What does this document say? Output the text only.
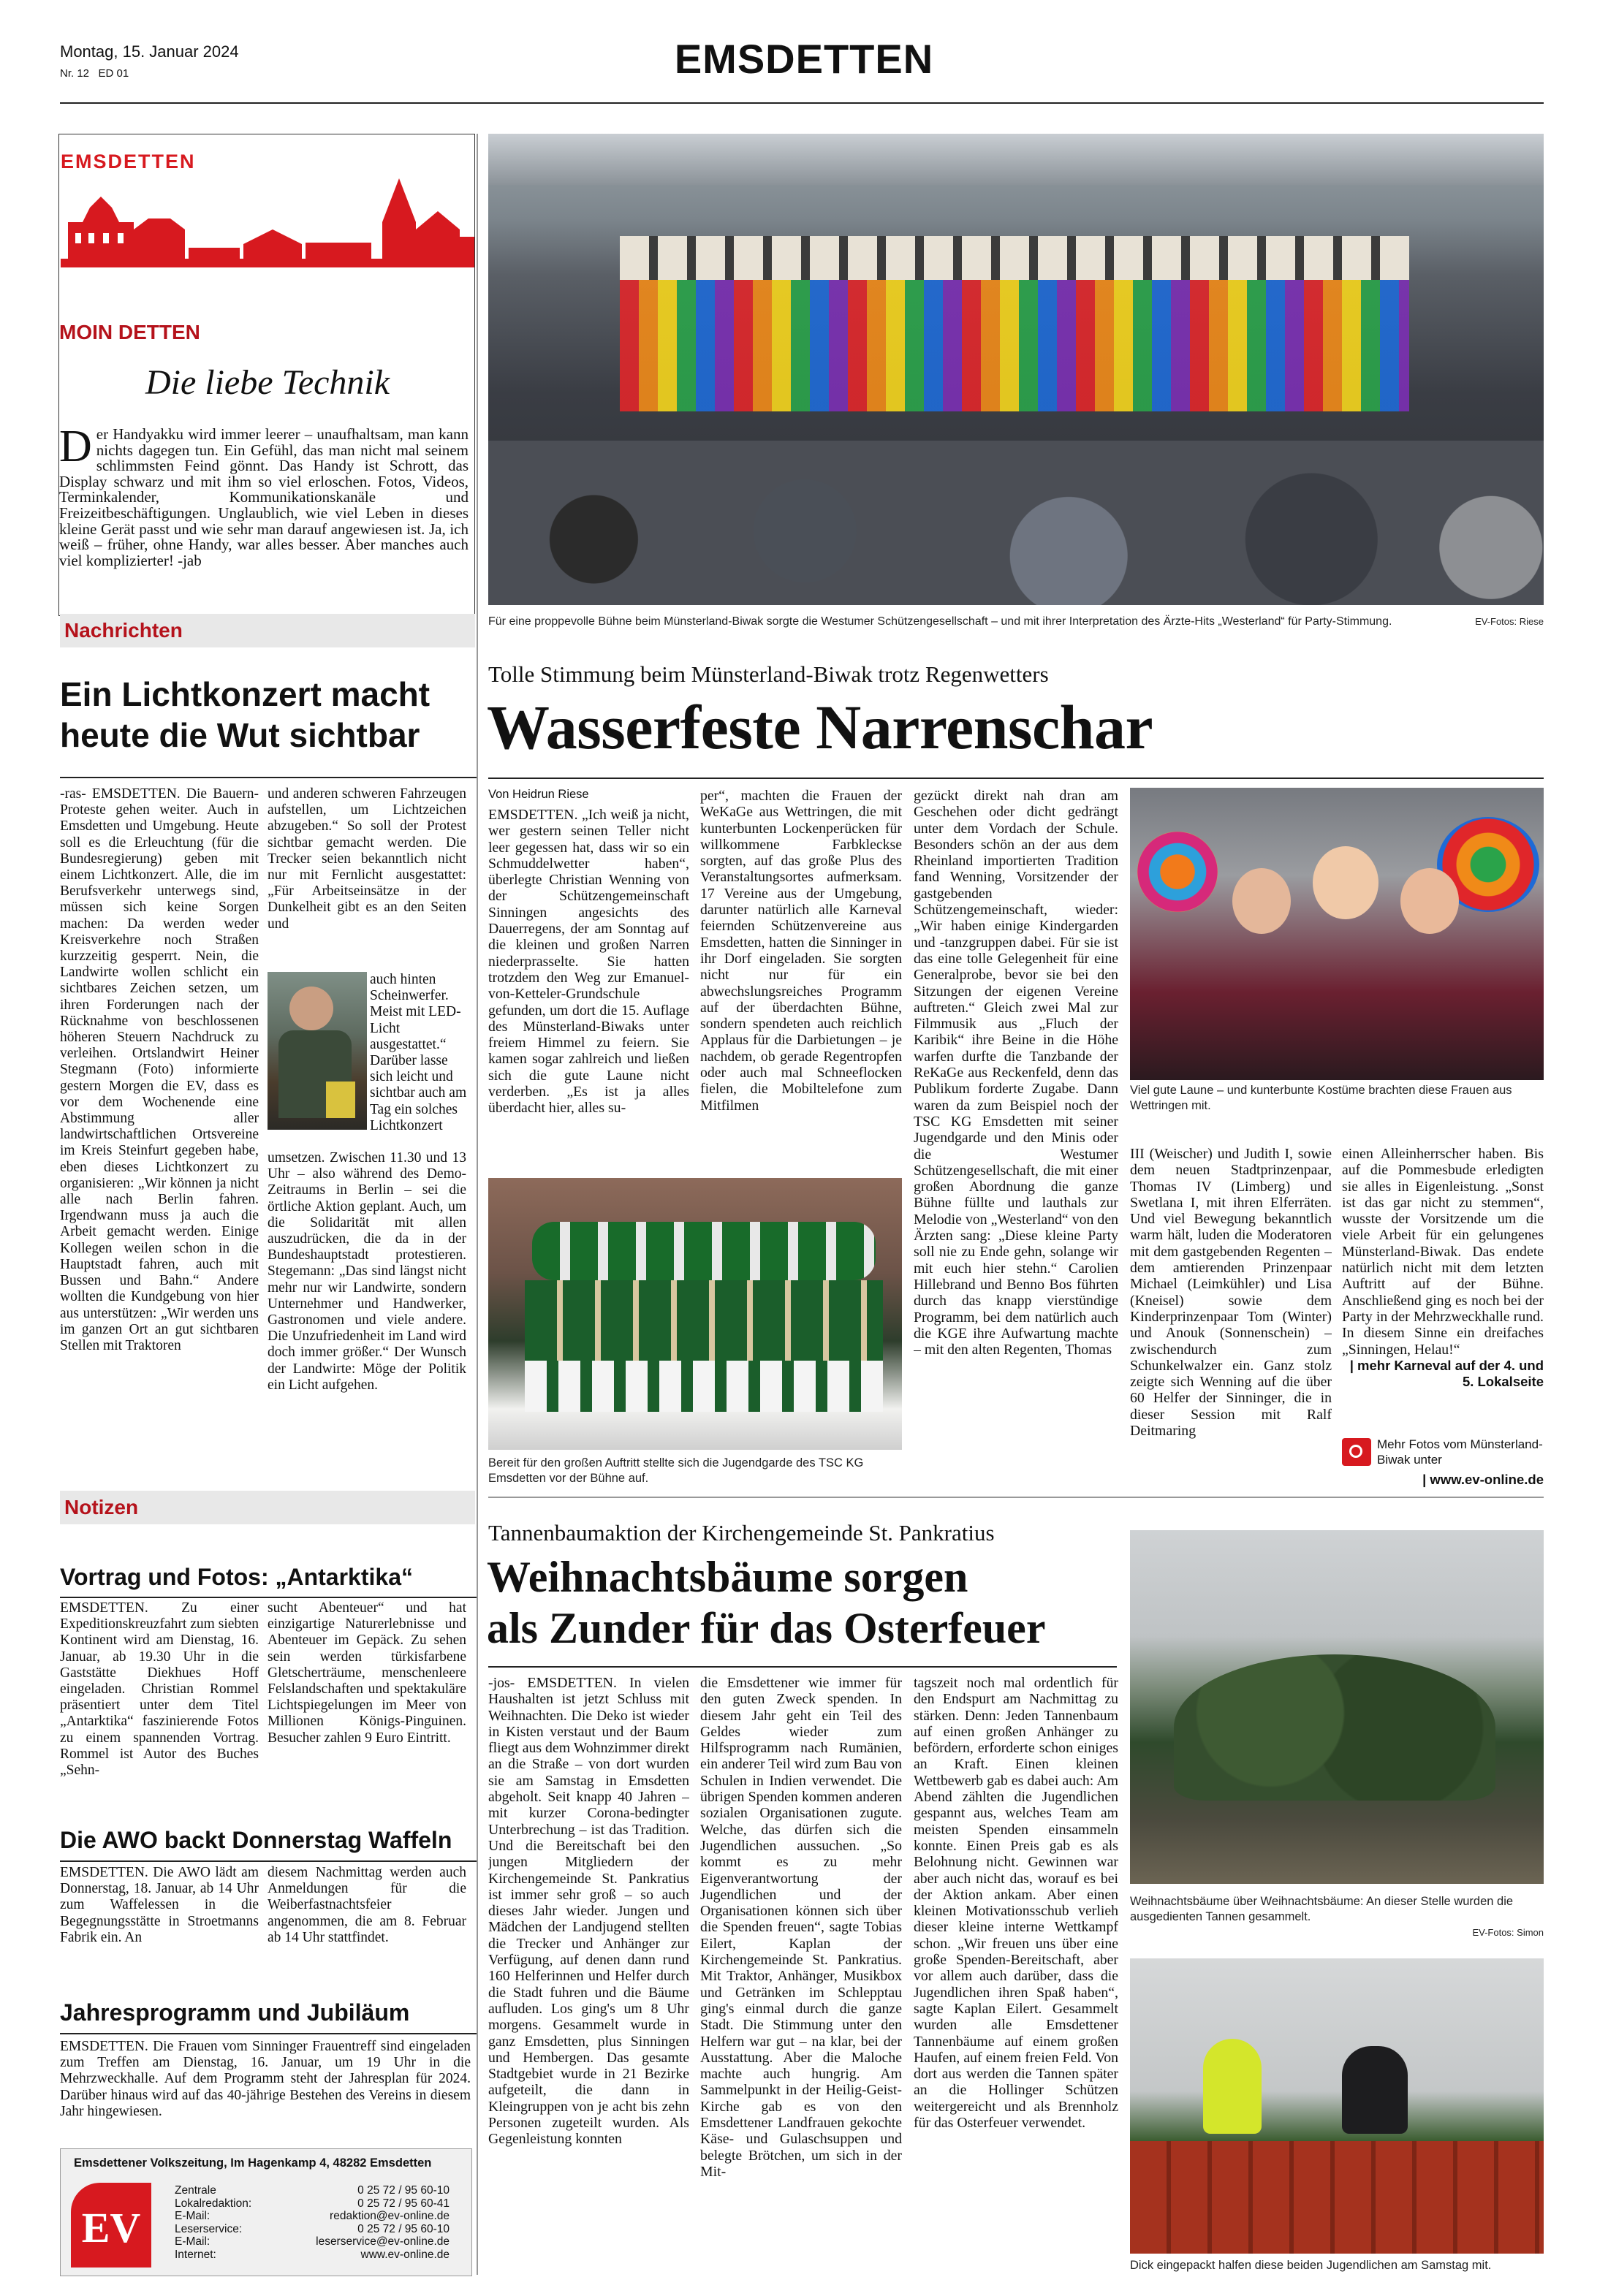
Montag, 15. Januar 2024
Nr. 12 ED 01	EMSDETTEN
EMSDETTEN
MOIN DETTEN
Die liebe Technik
Der Handyakku wird immer leerer – unaufhaltsam, man kann nichts dagegen tun. Ein Gefühl, das man nicht mal seinem schlimmsten Feind gönnt. Das Handy ist Schrott, das Display schwarz und mit ihm so viel erloschen. Fotos, Videos, Terminkalender, Kommunikationskanäle und Freizeitbeschäftigungen. Unglaublich, wie viel Leben in dieses kleine Gerät passt und wie sehr man darauf angewiesen ist. Ja, ich weiß – früher, ohne Handy, war alles besser. Aber manches auch viel komplizierter! -jab
Nachrichten
Ein Lichtkonzert macht heute die Wut sichtbar
-ras- EMSDETTEN. Die Bauern-Proteste gehen weiter. Auch in Emsdetten und Umgebung. Heute soll es die Erleuchtung (für die Bundesregierung) geben mit einem Lichtkonzert. Alle, die im Berufsverkehr unterwegs sind, müssen sich keine Sorgen machen: Da werden weder Kreisverkehre noch Straßen kurzzeitig gesperrt. Nein, die Landwirte wollen schlicht ein sichtbares Zeichen setzen, um ihren Forderungen nach der Rücknahme von beschlossenen höheren Steuern Nachdruck zu verleihen. Ortslandwirt Heiner Stegmann (Foto) informierte gestern Morgen die EV, dass es vor dem Wochenende eine Abstimmung aller landwirtschaftlichen Ortsvereine im Kreis Steinfurt gegeben habe, eben dieses Lichtkonzert zu organisieren: „Wir können ja nicht alle nach Berlin fahren. Irgendwann muss ja auch die Arbeit gemacht werden. Einige Kollegen weilen schon in die Hauptstadt fahren, auch mit Bussen und Bahn.“ Andere wollten die Kundgebung von hier aus unterstützen: „Wir werden uns im ganzen Ort an gut sichtbaren Stellen mit Traktoren
und anderen schweren Fahrzeugen aufstellen, um Lichtzeichen abzugeben.“ So soll der Protest sichtbar gemacht werden. Die Trecker seien bekanntlich nicht nur mit Fernlicht ausgestattet: „Für Arbeitseinsätze in der Dunkelheit gibt es an den Seiten und
auch hinten Scheinwerfer. Meist mit LED-Licht ausgestattet.“ Darüber lasse sich leicht und sichtbar auch am Tag ein solches Lichtkonzert
umsetzen. Zwischen 11.30 und 13 Uhr – also während des Demo-Zeitraums in Berlin – sei die örtliche Aktion geplant. Auch, um die Solidarität mit allen auszudrücken, die da in der Bundeshauptstadt protestieren. Stegemann: „Das sind längst nicht mehr nur wir Landwirte, sondern Unternehmer und Handwerker, Gastronomen und viele andere. Die Unzufriedenheit im Land wird doch immer größer.“ Der Wunsch der Landwirte: Möge der Politik ein Licht aufgehen.
Notizen
Vortrag und Fotos: „Antarktika“
EMSDETTEN. Zu einer Expeditionskreuzfahrt zum siebten Kontinent wird am Dienstag, 16. Januar, ab 19.30 Uhr in die Gaststätte Diekhues Hoff eingeladen. Christian Rommel präsentiert unter dem Titel „Antarktika“ faszinierende Fotos zu einem spannenden Vortrag. Rommel ist Autor des Buches „Sehn-
sucht Abenteuer“ und hat einzigartige Naturerlebnisse und Abenteuer im Gepäck. Zu sehen sein werden türkisfarbene Gletscherträume, menschenleere Felslandschaften und spektakuläre Lichtspiegelungen im Meer von Millionen Königs-Pinguinen. Besucher zahlen 9 Euro Eintritt.
Die AWO backt Donnerstag Waffeln
EMSDETTEN. Die AWO lädt am Donnerstag, 18. Januar, ab 14 Uhr zum Waffelessen in die Begegnungsstätte in Stroetmanns Fabrik ein. An
diesem Nachmittag werden auch Anmeldungen für die Weiberfastnachtsfeier angenommen, die am 8. Februar ab 14 Uhr stattfindet.
Jahresprogramm und Jubiläum
EMSDETTEN. Die Frauen vom Sinninger Frauentreff sind eingeladen zum Treffen am Dienstag, 16. Januar, um 19 Uhr in die Mehrzweckhalle. Auf dem Programm steht der Jahresplan für 2024. Darüber hinaus wird auf das 40-jährige Bestehen des Vereins in diesem Jahr hingewiesen.
Emsdettener Volkszeitung, Im Hagenkamp 4, 48282 Emsdetten
EV
Zentrale	0 25 72 / 95 60-10
Lokalredaktion:	0 25 72 / 95 60-41
E-Mail:	redaktion@ev-online.de
Leserservice:	0 25 72 / 95 60-10
E-Mail:	leserservice@ev-online.de
Internet:	www.ev-online.de
Für eine proppevolle Bühne beim Münsterland-Biwak sorgte die Westumer Schützengesellschaft – und mit ihrer Interpretation des Ärzte-Hits „Westerland“ für Party-Stimmung.	EV-Fotos: Riese
Tolle Stimmung beim Münsterland-Biwak trotz Regenwetters
Wasserfeste Narrenschar
Von Heidrun Riese
EMSDETTEN. „Ich weiß ja nicht, wer gestern seinen Teller nicht leer gegessen hat, dass wir so ein Schmuddelwetter haben“, überlegte Christian Wenning von der Schützengemeinschaft Sinningen angesichts des Dauerregens, der am Sonntag auf die kleinen und großen Narren niederprasselte. Sie hatten trotzdem den Weg zur Emanuel-von-Ketteler-Grundschule gefunden, um dort die 15. Auflage des Münsterland-Biwaks unter freiem Himmel zu feiern. Sie kamen sogar zahlreich und ließen sich die gute Laune nicht verderben. „Es ist ja alles überdacht hier, alles su-
per“, machten die Frauen der WeKaGe aus Wettringen, die mit kunterbunten Lockenperücken für willkommene Farbkleckse sorgten, auf das große Plus des Veranstaltungsortes aufmerksam. 17 Vereine aus der Umgebung, darunter natürlich alle Karneval feiernden Schützenvereine aus Emsdetten, hatten die Sinninger in ihr Dorf eingeladen. Sie sorgten nicht nur für ein abwechslungsreiches Programm auf der überdachten Bühne, sondern spendeten auch reichlich Applaus für die Darbietungen – je nachdem, ob gerade Regentropfen oder auch mal Schneeflocken fielen, die Mobiltelefone zum Mitfilmen
Bereit für den großen Auftritt stellte sich die Jugendgarde des TSC KG Emsdetten vor der Bühne auf.
gezückt direkt nah dran am Geschehen oder dicht gedrängt unter dem Vordach der Schule. Besonders schön an der aus dem Rheinland importierten Tradition fand Wenning, Vorsitzender der gastgebenden Schützengemeinschaft, wieder: „Wir haben einige Kindergarden und -tanzgruppen dabei. Für sie ist das eine tolle Gelegenheit für eine Generalprobe, bevor sie bei den Sitzungen der eigenen Vereine auftreten.“ Gleich zwei Mal zur Filmmusik aus „Fluch der Karibik“ ihre Beine in die Höhe warfen durfte die Tanzbande der ReKaGe aus Reckenfeld, denn das Publikum forderte Zugabe. Dann waren da zum Beispiel noch der TSC KG Emsdetten mit seiner Jugendgarde und den Minis oder die Westumer Schützengesellschaft, die mit einer großen Abordnung die ganze Bühne füllte und lauthals zur Melodie von „Westerland“ von den Ärzten sang: „Diese kleine Party soll nie zu Ende gehn, solange wir mit euch hier stehn.“ Carolien Hillebrand und Benno Bos führten durch das knapp vierstündige Programm, bei dem natürlich auch die KGE ihre Aufwartung machte – mit den alten Regenten, Thomas
Viel gute Laune – und kunterbunte Kostüme brachten diese Frauen aus Wettringen mit.
III (Weischer) und Judith I, sowie dem neuen Stadtprinzenpaar, Thomas IV (Limberg) und Swetlana I, mit ihren Elferräten. Und viel Bewegung bekanntlich warm hält, luden die Moderatoren mit dem gastgebenden Regenten – dem amtierenden Prinzenpaar Michael (Leimkühler) und Lisa (Kneisel) sowie dem Kinderprinzenpaar Tom (Winter) und Anouk (Sonnenschein) – zwischendurch zum Schunkelwalzer ein. Ganz stolz zeigte sich Wenning auf die über 60 Helfer der Sinninger, die in dieser Session mit Ralf Deitmaring
einen Alleinherrscher haben. Bis auf die Pommesbude erledigten sie alles in Eigenleistung. „Sonst ist das gar nicht zu stemmen“, wusste der Vorsitzende um die viele Arbeit für ein gelungenes Münsterland-Biwak. Das endete natürlich nicht mit dem letzten Auftritt auf der Bühne. Anschließend ging es noch bei der Party in der Mehrzweckhalle rund. In diesem Sinne ein dreifaches „Sinningen, Helau!“
| mehr Karneval auf der 4. und 5. Lokalseite
Mehr Fotos vom Münsterland-Biwak unter
| www.ev-online.de
Tannenbaumaktion der Kirchengemeinde St. Pankratius
Weihnachtsbäume sorgen
als Zunder für das Osterfeuer
-jos- EMSDETTEN. In vielen Haushalten ist jetzt Schluss mit Weihnachten. Die Deko ist wieder in Kisten verstaut und der Baum fliegt aus dem Wohnzimmer direkt an die Straße – von dort wurden sie am Samstag in Emsdetten abgeholt. Seit knapp 40 Jahren – mit kurzer Corona-bedingter Unterbrechung – ist das Tradition. Und die Bereitschaft bei den jungen Mitgliedern der Kirchengemeinde St. Pankratius ist immer sehr groß – so auch dieses Jahr wieder. Jungen und Mädchen der Landjugend stellten die Trecker und Anhänger zur Verfügung, auf denen dann rund 160 Helferinnen und Helfer durch die Stadt fuhren und die Bäume aufluden. Los ging's um 8 Uhr morgens. Gesammelt wurde in ganz Emsdetten, plus Sinningen und Hembergen. Das gesamte Stadtgebiet wurde in 21 Bezirke aufgeteilt, die dann in Kleingruppen von je acht bis zehn Personen zugeteilt wurden. Als Gegenleistung konnten
die Emsdettener wie immer für den guten Zweck spenden. In diesem Jahr geht ein Teil des Geldes wieder zum Hilfsprogramm nach Rumänien, ein anderer Teil wird zum Bau von Schulen in Indien verwendet. Die übrigen Spenden kommen anderen sozialen Organisationen zugute. Welche, das dürfen sich die Jugendlichen aussuchen. „So kommt es zu mehr Eigenverantwortung der Jugendlichen und der Organisationen können sich über die Spenden freuen“, sagte Tobias Eilert, Kaplan der Kirchengemeinde St. Pankratius. Mit Traktor, Anhänger, Musikbox und Getränken im Schlepptau ging's einmal durch die ganze Stadt. Die Stimmung unter den Helfern war gut – na klar, bei der Ausstattung. Aber die Malochе machte auch hungrig. Am Sammelpunkt in der Heilig-Geist-Kirche gab es von den Emsdettener Landfrauen gekochte Käse- und Gulaschsuppen und belegte Brötchen, um sich in der Mit-
tagszeit noch mal ordentlich für den Endspurt am Nachmittag zu stärken. Denn: Jeden Tannenbaum auf einen großen Anhänger zu befördern, erforderte schon einiges an Kraft. Einen kleinen Wettbewerb gab es dabei auch: Am Abend zählten die Jugendlichen gespannt aus, welches Team am meisten Spenden einsammeln konnte. Einen Preis gab es als Belohnung nicht. Gewinnen war aber auch nicht das, worauf es bei der Aktion ankam. Aber einen kleinen Motivationsschub verlieh dieser kleine interne Wettkampf schon. „Wir freuen uns über eine große Spenden-Bereitschaft, aber vor allem auch darüber, dass die Jugendlichen ihren Spaß haben“, sagte Kaplan Eilert. Gesammelt wurden alle Emsdettener Tannenbäume auf einem großen Haufen, auf einem freien Feld. Von dort aus werden die Tannen später an die Hollinger Schützen weitergereicht und als Brennholz für das Osterfeuer verwendet.
Weihnachtsbäume über Weihnachtsbäume: An dieser Stelle wurden die ausgedienten Tannen gesammelt.
EV-Fotos: Simon
Dick eingepackt halfen diese beiden Jugendlichen am Samstag mit.
